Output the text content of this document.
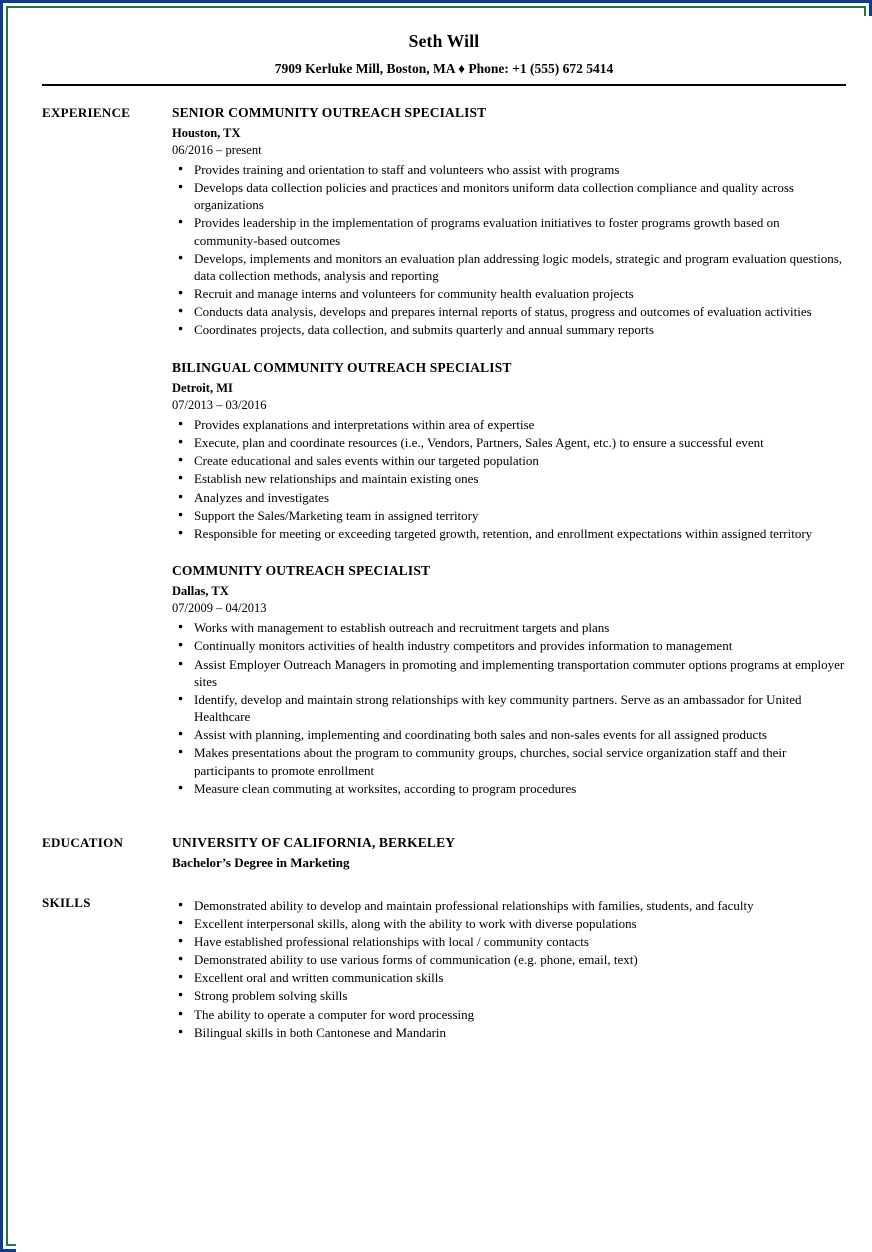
Seth Will
7909 Kerluke Mill, Boston, MA ♦ Phone: +1 (555) 672 5414
EXPERIENCE	SENIOR COMMUNITY OUTREACH SPECIALIST
Houston, TX
06/2016 – present
● Provides training and orientation to staff and volunteers who assist with programs
● Develops data collection policies and practices and monitors uniform data collection compliance and quality across organizations
● Provides leadership in the implementation of programs evaluation initiatives to foster programs growth based on community-based outcomes
● Develops, implements and monitors an evaluation plan addressing logic models, strategic and program evaluation questions, data collection methods, analysis and reporting
● Recruit and manage interns and volunteers for community health evaluation projects
● Conducts data analysis, develops and prepares internal reports of status, progress and outcomes of evaluation activities
● Coordinates projects, data collection, and submits quarterly and annual summary reports
BILINGUAL COMMUNITY OUTREACH SPECIALIST
Detroit, MI
07/2013 – 03/2016
● Provides explanations and interpretations within area of expertise
● Execute, plan and coordinate resources (i.e., Vendors, Partners, Sales Agent, etc.) to ensure a successful event
● Create educational and sales events within our targeted population
● Establish new relationships and maintain existing ones
● Analyzes and investigates
● Support the Sales/Marketing team in assigned territory
● Responsible for meeting or exceeding targeted growth, retention, and enrollment expectations within assigned territory
COMMUNITY OUTREACH SPECIALIST
Dallas, TX
07/2009 – 04/2013
● Works with management to establish outreach and recruitment targets and plans
● Continually monitors activities of health industry competitors and provides information to management
● Assist Employer Outreach Managers in promoting and implementing transportation commuter options programs at employer sites
● Identify, develop and maintain strong relationships with key community partners. Serve as an ambassador for United Healthcare
● Assist with planning, implementing and coordinating both sales and non-sales events for all assigned products
● Makes presentations about the program to community groups, churches, social service organization staff and their participants to promote enrollment
● Measure clean commuting at worksites, according to program procedures
EDUCATION	UNIVERSITY OF CALIFORNIA, BERKELEY
Bachelor’s Degree in Marketing
SKILLS	● Demonstrated ability to develop and maintain professional relationships with families, students, and faculty
● Excellent interpersonal skills, along with the ability to work with diverse populations
● Have established professional relationships with local / community contacts
● Demonstrated ability to use various forms of communication (e.g. phone, email, text)
● Excellent oral and written communication skills
● Strong problem solving skills
● The ability to operate a computer for word processing
● Bilingual skills in both Cantonese and Mandarin
